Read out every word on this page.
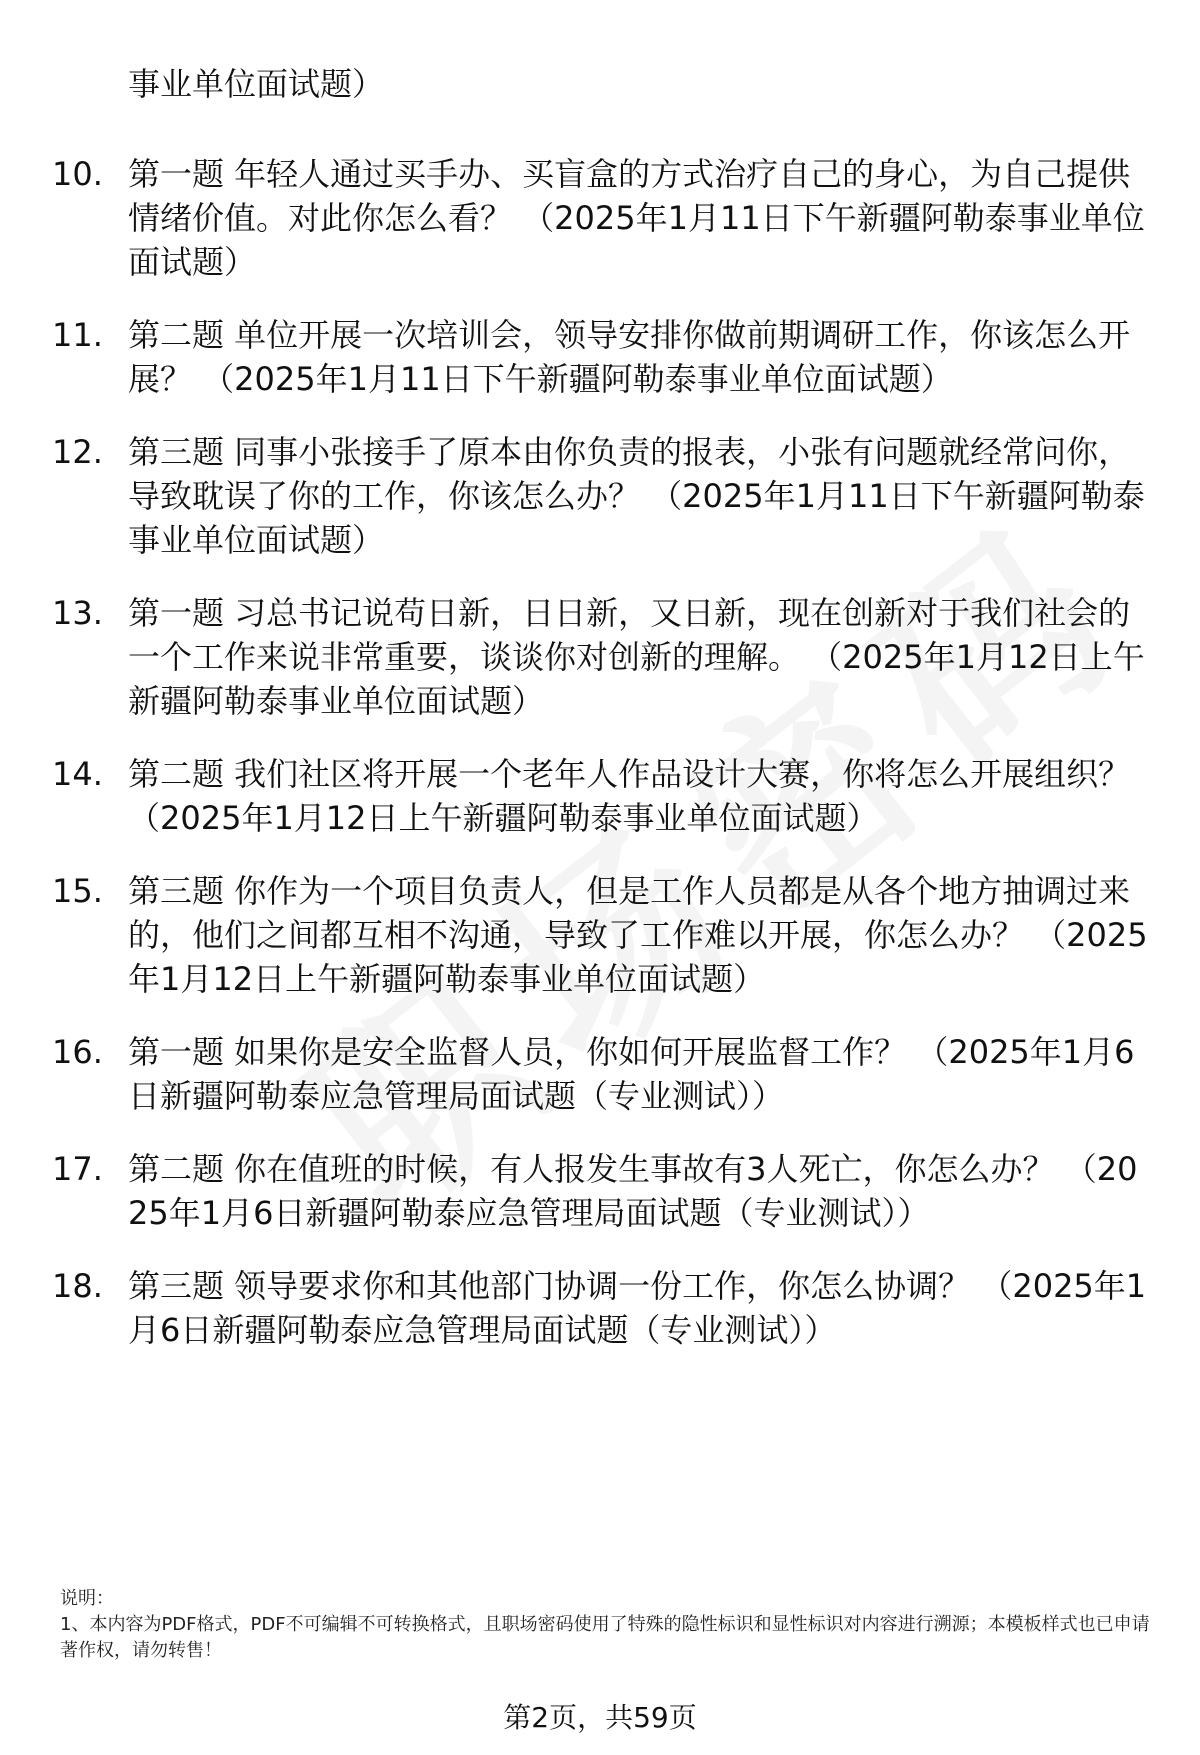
事业单位面试题）
10. 第一题 年轻人通过买手办、买盲盒的方式治疗自己的身心，为自己提供情绪价值。对此你怎么看？ （2025年1月11日下午新疆阿勒泰事业单位面试题）
11. 第二题 单位开展一次培训会，领导安排你做前期调研工作，你该怎么开展？ （2025年1月11日下午新疆阿勒泰事业单位面试题）
12. 第三题 同事小张接手了原本由你负责的报表，小张有问题就经常问你，导致耽误了你的工作，你该怎么办？ （2025年1月11日下午新疆阿勒泰事业单位面试题）
13. 第一题 习总书记说苟日新，日日新，又日新，现在创新对于我们社会的一个工作来说非常重要，谈谈你对创新的理解。 （2025年1月12日上午新疆阿勒泰事业单位面试题）
14. 第二题 我们社区将开展一个老年人作品设计大赛，你将怎么开展组织？ （2025年1月12日上午新疆阿勒泰事业单位面试题）
15. 第三题 你作为一个项目负责人，但是工作人员都是从各个地方抽调过来的，他们之间都互相不沟通，导致了工作难以开展，你怎么办？ （2025年1月12日上午新疆阿勒泰事业单位面试题）
16. 第一题 如果你是安全监督人员，你如何开展监督工作？ （2025年1月6日新疆阿勒泰应急管理局面试题（专业测试））
17. 第二题 你在值班的时候，有人报发生事故有3人死亡，你怎么办？ （2025年1月6日新疆阿勒泰应急管理局面试题（专业测试））
18. 第三题 领导要求你和其他部门协调一份工作，你怎么协调？ （2025年1月6日新疆阿勒泰应急管理局面试题（专业测试））
说明：
1、本内容为PDF格式，PDF不可编辑不可转换格式，且职场密码使用了特殊的隐性标识和显性标识对内容进行溯源；本模板样式也已申请著作权，请勿转售！
第2页，共59页
